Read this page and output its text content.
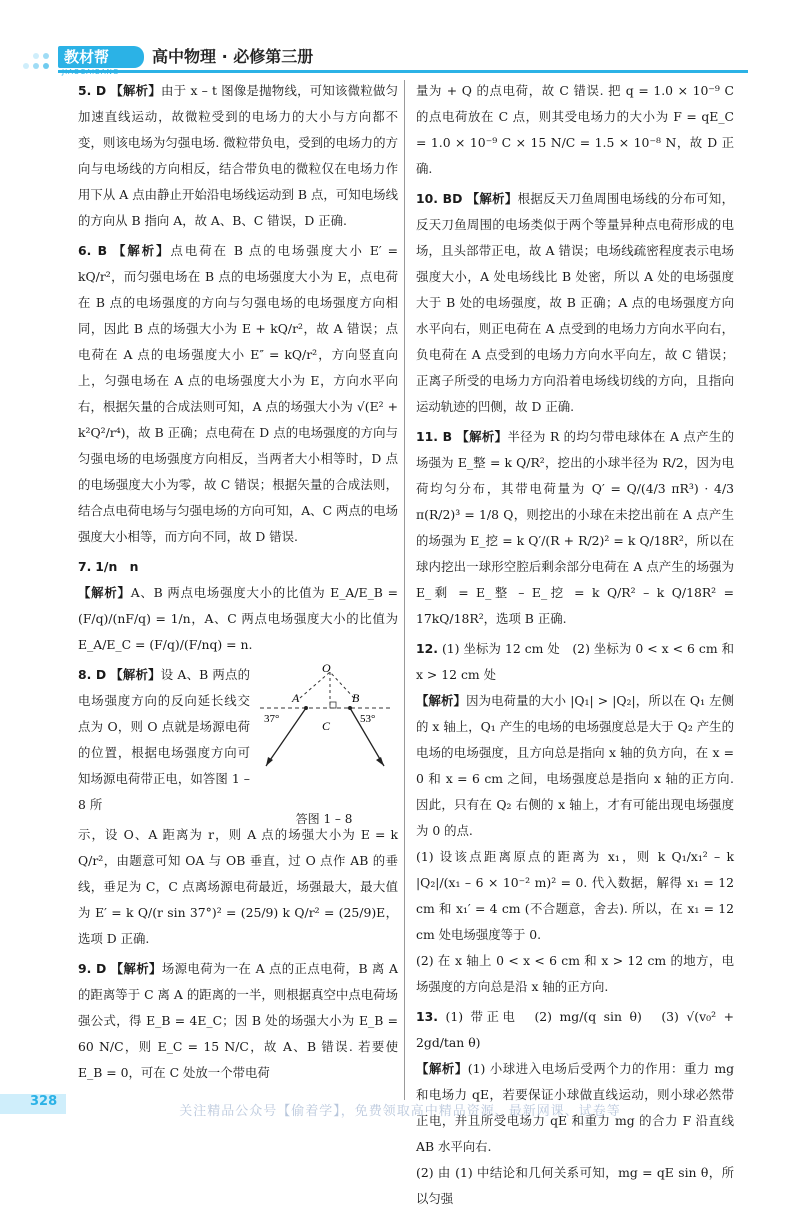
教材帮	高中物理 · 必修第三册

5. D 【解析】由于 x – t 图像是抛物线，可知该微粒做匀加速直线运动，故微粒受到的电场力的大小与方向都不变，则该电场为匀强电场. 微粒带负电，受到的电场力的方向与电场线的方向相反，结合带负电的微粒仅在电场力作用下从 A 点由静止开始沿电场线运动到 B 点，可知电场线的方向从 B 指向 A，故 A、B、C 错误，D 正确.

6. B 【解析】点电荷在 B 点的电场强度大小 E′ = kQ/r²，而匀强电场在 B 点的电场强度大小为 E，点电荷在 B 点的电场强度的方向与匀强电场的电场强度方向相同，因此 B 点的场强大小为 E + kQ/r²，故 A 错误；点电荷在 A 点的电场强度大小 E″ = kQ/r²，方向竖直向上，匀强电场在 A 点的电场强度大小为 E，方向水平向右，根据矢量的合成法则可知，A 点的场强大小为 √(E² + k²Q²/r⁴)，故 B 正确；点电荷在 D 点的电场强度的方向与匀强电场的电场强度方向相反，当两者大小相等时，D 点的电场强度大小为零，故 C 错误；根据矢量的合成法则，结合点电荷电场与匀强电场的方向可知，A、C 两点的电场强度大小相等，而方向不同，故 D 错误.

7. 1/n　n

【解析】A、B 两点电场强度大小的比值为 E_A/E_B = (F/q)/(nF/q) = 1/n，A、C 两点电场强度大小的比值为 E_A/E_C = (F/q)/(F/nq) = n.

8. D 【解析】设 A、B 两点的电场强度方向的反向延长线交点为 O，则 O 点就是场源电荷的位置，根据电场强度方向可知场源电荷带正电，如答图 1 – 8 所

O
A	B
C
37°	53°
答图 1 – 8

示，设 O、A 距离为 r，则 A 点的场强大小为 E = k Q/r²，由题意可知 OA 与 OB 垂直，过 O 点作 AB 的垂线，垂足为 C，C 点离场源电荷最近，场强最大，最大值为 E′ = k Q/(r sin 37°)² = (25/9) k Q/r² = (25/9)E，选项 D 正确.

9. D 【解析】场源电荷为一在 A 点的正点电荷，B 离 A 的距离等于 C 离 A 的距离的一半，则根据真空中点电荷场强公式，得 E_B = 4E_C；因 B 处的场强大小为 E_B = 60 N/C，则 E_C = 15 N/C，故 A、B 错误. 若要使 E_B = 0，可在 C 处放一个带电荷

量为 + Q 的点电荷，故 C 错误. 把 q = 1.0 × 10⁻⁹ C 的点电荷放在 C 点，则其受电场力的大小为 F = qE_C = 1.0 × 10⁻⁹ C × 15 N/C = 1.5 × 10⁻⁸ N，故 D 正确.

10. BD 【解析】根据反天刀鱼周围电场线的分布可知，反天刀鱼周围的电场类似于两个等量异种点电荷形成的电场，且头部带正电，故 A 错误；电场线疏密程度表示电场强度大小，A 处电场线比 B 处密，所以 A 处的电场强度大于 B 处的电场强度，故 B 正确；A 点的电场强度方向水平向右，则正电荷在 A 点受到的电场力方向水平向右，负电荷在 A 点受到的电场力方向水平向左，故 C 错误；正离子所受的电场力方向沿着电场线切线的方向，且指向运动轨迹的凹侧，故 D 正确.

11. B 【解析】半径为 R 的均匀带电球体在 A 点产生的场强为 E_整 = k Q/R²，挖出的小球半径为 R/2，因为电荷均匀分布，其带电荷量为 Q′ = Q/(4/3 πR³) · 4/3 π(R/2)³ = 1/8 Q，则挖出的小球在未挖出前在 A 点产生的场强为 E_挖 = k Q′/(R + R/2)² = k Q/18R²，所以在球内挖出一球形空腔后剩余部分电荷在 A 点产生的场强为 E_剩 = E_整 – E_挖 = k Q/R² – k Q/18R² = 17kQ/18R²，选项 B 正确.

12. (1) 坐标为 12 cm 处　(2) 坐标为 0 < x < 6 cm 和 x > 12 cm 处

【解析】因为电荷量的大小 |Q₁| > |Q₂|，所以在 Q₁ 左侧的 x 轴上，Q₁ 产生的电场的电场强度总是大于 Q₂ 产生的电场的电场强度，且方向总是指向 x 轴的负方向，在 x = 0 和 x = 6 cm 之间，电场强度总是指向 x 轴的正方向. 因此，只有在 Q₂ 右侧的 x 轴上，才有可能出现电场强度为 0 的点.

(1) 设该点距离原点的距离为 x₁，则 k Q₁/x₁² – k |Q₂|/(x₁ – 6 × 10⁻² m)² = 0. 代入数据，解得 x₁ = 12 cm 和 x₁′ = 4 cm (不合题意，舍去). 所以，在 x₁ = 12 cm 处电场强度等于 0.

(2) 在 x 轴上 0 < x < 6 cm 和 x > 12 cm 的地方，电场强度的方向总是沿 x 轴的正方向.

13. (1) 带正电　(2) mg/(q sin θ)　(3) √(v₀² + 2gd/tan θ)

【解析】(1) 小球进入电场后受两个力的作用：重力 mg 和电场力 qE，若要保证小球做直线运动，则小球必然带正电，并且所受电场力 qE 和重力 mg 的合力 F 沿直线 AB 水平向右.

(2) 由 (1) 中结论和几何关系可知，mg = qE sin θ，所以匀强

328
关注精品公众号【偷着学】，免费领取高中精品资源、最新网课、试卷等
